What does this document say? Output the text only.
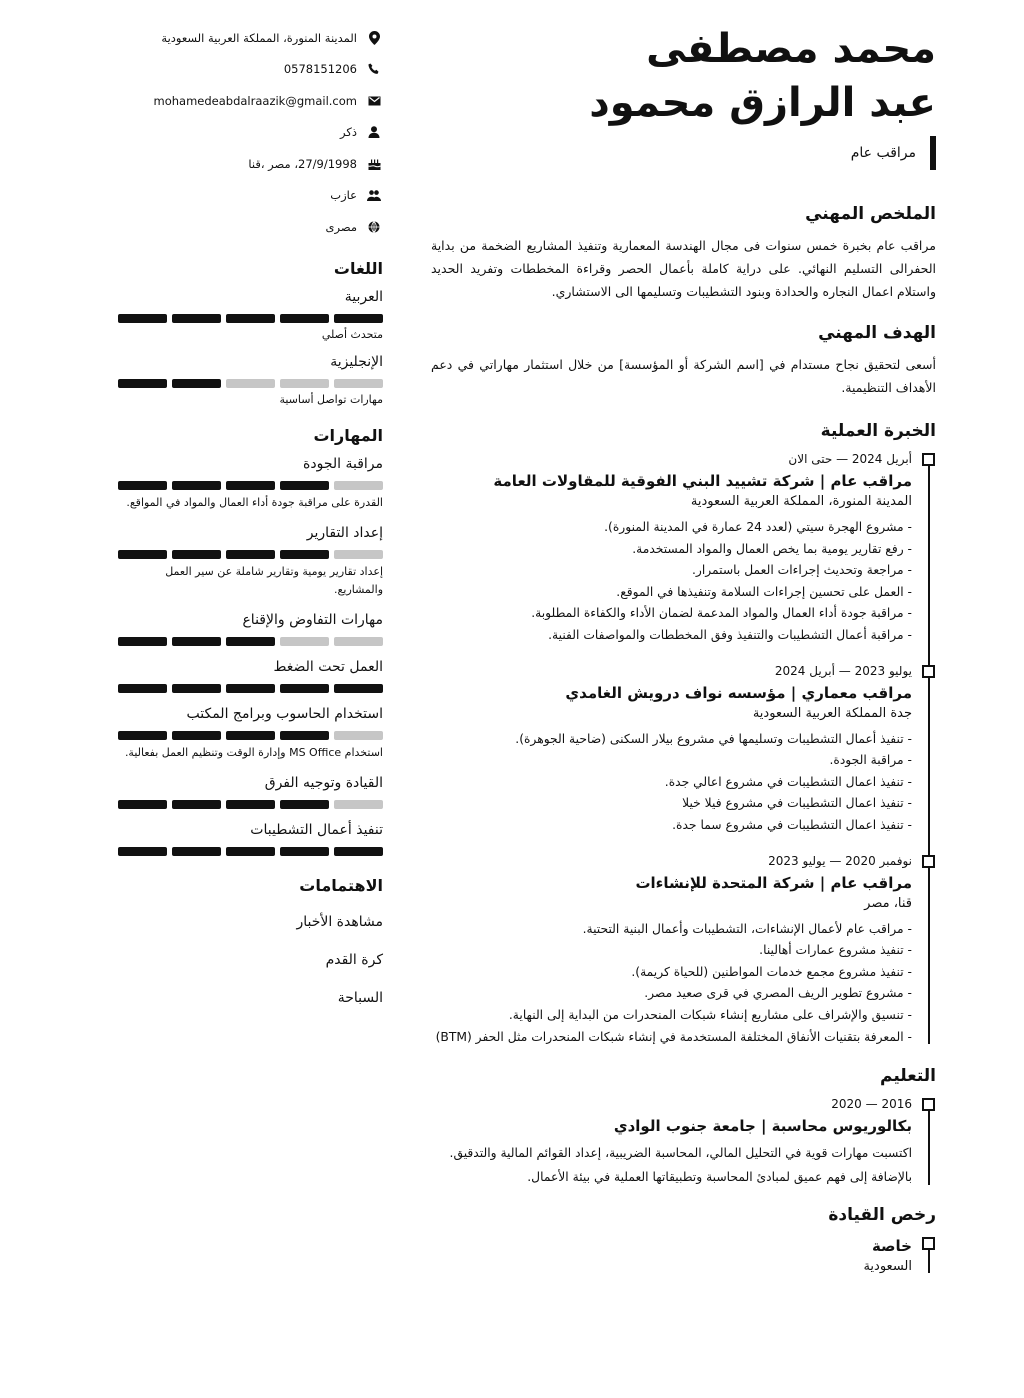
محمد مصطفى
عبد الرازق محمود
مراقب عام
الملخص المهني
مراقب عام بخبرة خمس سنوات فى مجال الهندسة المعمارية وتنفيذ المشاريع الضخمة من بداية الحفرالى التسليم النهائي. على دراية كاملة بأعمال الحصر وقراءة المخططات وتفريد الحديد واستلام اعمال النجاره والحدادة وبنود التشطيبات وتسليمها الى الاستشاري.
الهدف المهني
أسعى لتحقيق نجاح مستدام في [اسم الشركة أو المؤسسة] من خلال استثمار مهاراتي في دعم الأهداف التنظيمية.
الخبرة العملية
أبريل 2024 — حتى الان
مراقب عام | شركة تشييد البني الفوقية للمقاولات العامة
المدينة المنورة، المملكة العربية السعودية
- مشروع الهجرة سيتي (لعدد 24 عمارة في المدينة المنورة).
- رفع تقارير يومية بما يخص العمال والمواد المستخدمة.
- مراجعة وتحديث إجراءات العمل باستمرار.
- العمل على تحسين إجراءات السلامة وتنفيذها في الموقع.
- مراقبة جودة أداء العمال والمواد المدعمة لضمان الأداء والكفاءة المطلوبة.
- مراقبة أعمال التشطيبات والتنفيذ وفق المخططات والمواصفات الفنية.
يوليو 2023 — أبريل 2024
مراقب معماري | مؤسسه نواف درويش الغامدي
جدة المملكة العربية السعودية
- تنفيذ أعمال التشطيبات وتسليمها في مشروع بيلار السكنى (ضاحية الجوهرة).
- مراقبة الجودة.
- تنفيذ اعمال التشطيبات في مشروع اعالي جدة.
- تنفيذ اعمال التشطيبات في مشروع فيلا خيلا
- تنفيذ اعمال التشطيبات في مشروع سما جدة.
نوفمبر 2020 — يوليو 2023
مراقب عام | شركة المتحدة للإنشاءات
قنا، مصر
- مراقب عام لأعمال الإنشاءات، التشطيبات وأعمال البنية التحتية.
- تنفيذ مشروع عمارات أهالينا.
- تنفيذ مشروع مجمع خدمات المواطنين (للحياة كريمة).
- مشروع تطوير الريف المصري في قرى صعيد مصر.
- تنسيق والإشراف على مشاريع إنشاء شبكات المنحدرات من البداية إلى النهاية.
- المعرفة بتقنيات الأنفاق المختلفة المستخدمة في إنشاء شبكات المنحدرات مثل الحفر (BTM)
التعليم
2016 — 2020
بكالوريوس محاسبة | جامعة جنوب الوادي
اكتسبت مهارات قوية في التحليل المالي، المحاسبة الضريبية، إعداد القوائم المالية والتدقيق. بالإضافة إلى فهم عميق لمبادئ المحاسبة وتطبيقاتها العملية في بيئة الأعمال.
رخص القيادة
خاصة
السعودية
المدينة المنورة، المملكة العربية السعودية
0578151206
mohamedeabdalraazik@gmail.com
ذكر
27/9/1998، مصر ،قنا
عازب
مصرى
اللغات
العربية
متحدث أصلي
الإنجليزية
مهارات تواصل أساسية
المهارات
مراقبة الجودة
القدرة على مراقبة جودة أداء العمال والمواد في المواقع.
إعداد التقارير
إعداد تقارير يومية وتقارير شاملة عن سير العمل والمشاريع.
مهارات التفاوض والإقناع
العمل تحت الضغط
استخدام الحاسوب وبرامج المكتب
استخدام MS Office وإدارة الوقت وتنظيم العمل بفعالية.
القيادة وتوجيه الفرق
تنفيذ أعمال التشطيبات
الاهتمامات
مشاهدة الأخبار
كرة القدم
السباحة
